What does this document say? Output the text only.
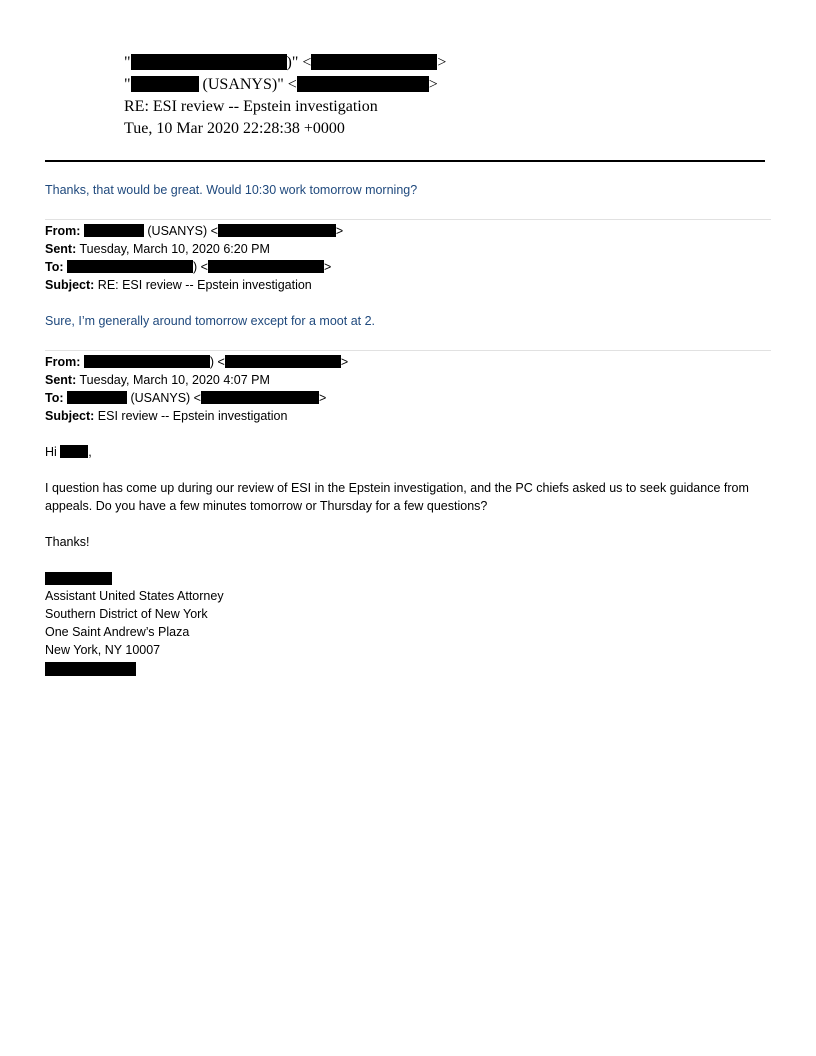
"	)" <	>
"	(USANYS)" <	>
RE: ESI review -- Epstein investigation
Tue, 10 Mar 2020 22:28:38 +0000
Thanks, that would be great. Would 10:30 work tomorrow morning?
From:	(USANYS) <	>
Sent: Tuesday, March 10, 2020 6:20 PM
To:	) <	>
Subject: RE: ESI review -- Epstein investigation
Sure, I’m generally around tomorrow except for a moot at 2.
From:	) <	>
Sent: Tuesday, March 10, 2020 4:07 PM
To:	(USANYS) <	>
Subject: ESI review -- Epstein investigation
Hi ,
I question has come up during our review of ESI in the Epstein investigation, and the PC chiefs asked us to seek guidance from appeals. Do you have a few minutes tomorrow or Thursday for a few questions?
Thanks!
Assistant United States Attorney
Southern District of New York
One Saint Andrew’s Plaza
New York, NY 10007
